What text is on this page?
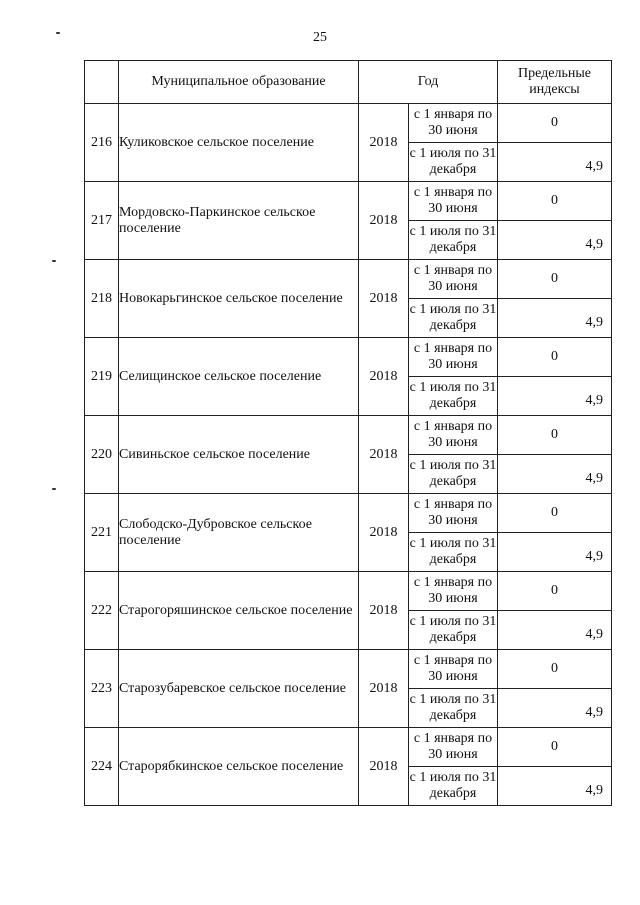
25
	Муниципальное образование	Год		Предельные индексы
216	Куликовское сельское поселение	2018	с 1 января по 30 июня	0
			с 1 июля по 31 декабря	4,9
217	Мордовско-Паркинское сельское поселение	2018	с 1 января по 30 июня	0
			с 1 июля по 31 декабря	4,9
218	Новокарьгинское сельское поселение	2018	с 1 января по 30 июня	0
			с 1 июля по 31 декабря	4,9
219	Селищинское сельское поселение	2018	с 1 января по 30 июня	0
			с 1 июля по 31 декабря	4,9
220	Сивиньское сельское поселение	2018	с 1 января по 30 июня	0
			с 1 июля по 31 декабря	4,9
221	Слободско-Дубровское сельское поселение	2018	с 1 января по 30 июня	0
			с 1 июля по 31 декабря	4,9
222	Старогоряшинское сельское поселение	2018	с 1 января по 30 июня	0
			с 1 июля по 31 декабря	4,9
223	Старозубаревское сельское поселение	2018	с 1 января по 30 июня	0
			с 1 июля по 31 декабря	4,9
224	Старорябкинское сельское поселение	2018	с 1 января по 30 июня	0
			с 1 июля по 31 декабря	4,9
